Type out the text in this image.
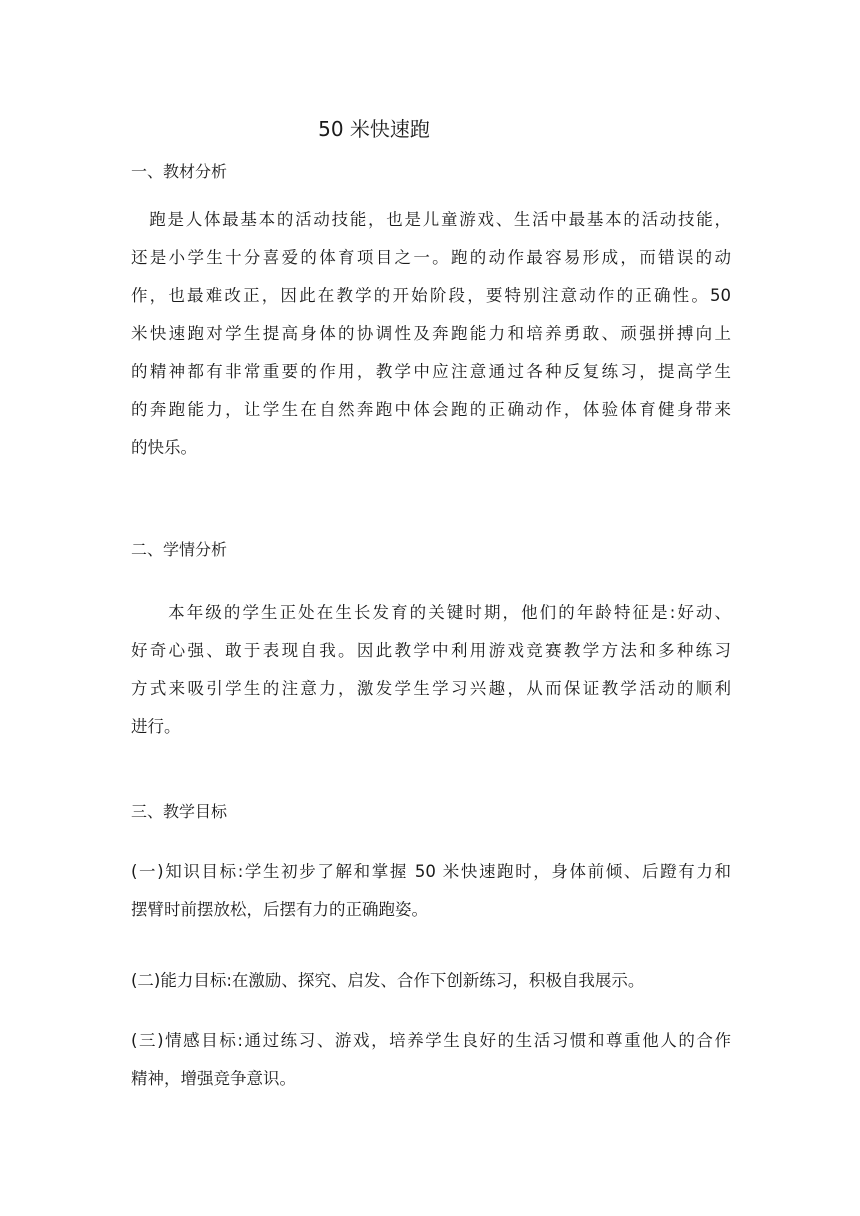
50 米快速跑
一、教材分析
　跑是人体最基本的活动技能，也是儿童游戏、生活中最基本的活动技能，
还是小学生十分喜爱的体育项目之一。跑的动作最容易形成，而错误的动
作，也最难改正，因此在教学的开始阶段，要特别注意动作的正确性。50
米快速跑对学生提高身体的协调性及奔跑能力和培养勇敢、顽强拼搏向上
的精神都有非常重要的作用，教学中应注意通过各种反复练习，提高学生
的奔跑能力，让学生在自然奔跑中体会跑的正确动作，体验体育健身带来
的快乐。
二、学情分析
　　本年级的学生正处在生长发育的关键时期，他们的年龄特征是:好动、
好奇心强、敢于表现自我。因此教学中利用游戏竞赛教学方法和多种练习
方式来吸引学生的注意力，激发学生学习兴趣，从而保证教学活动的顺利
进行。
三、教学目标
(一)知识目标:学生初步了解和掌握 50 米快速跑时，身体前倾、后蹬有力和
摆臂时前摆放松，后摆有力的正确跑姿。
(二)能力目标:在激励、探究、启发、合作下创新练习，积极自我展示。
(三)情感目标:通过练习、游戏，培养学生良好的生活习惯和尊重他人的合作
精神，增强竞争意识。
